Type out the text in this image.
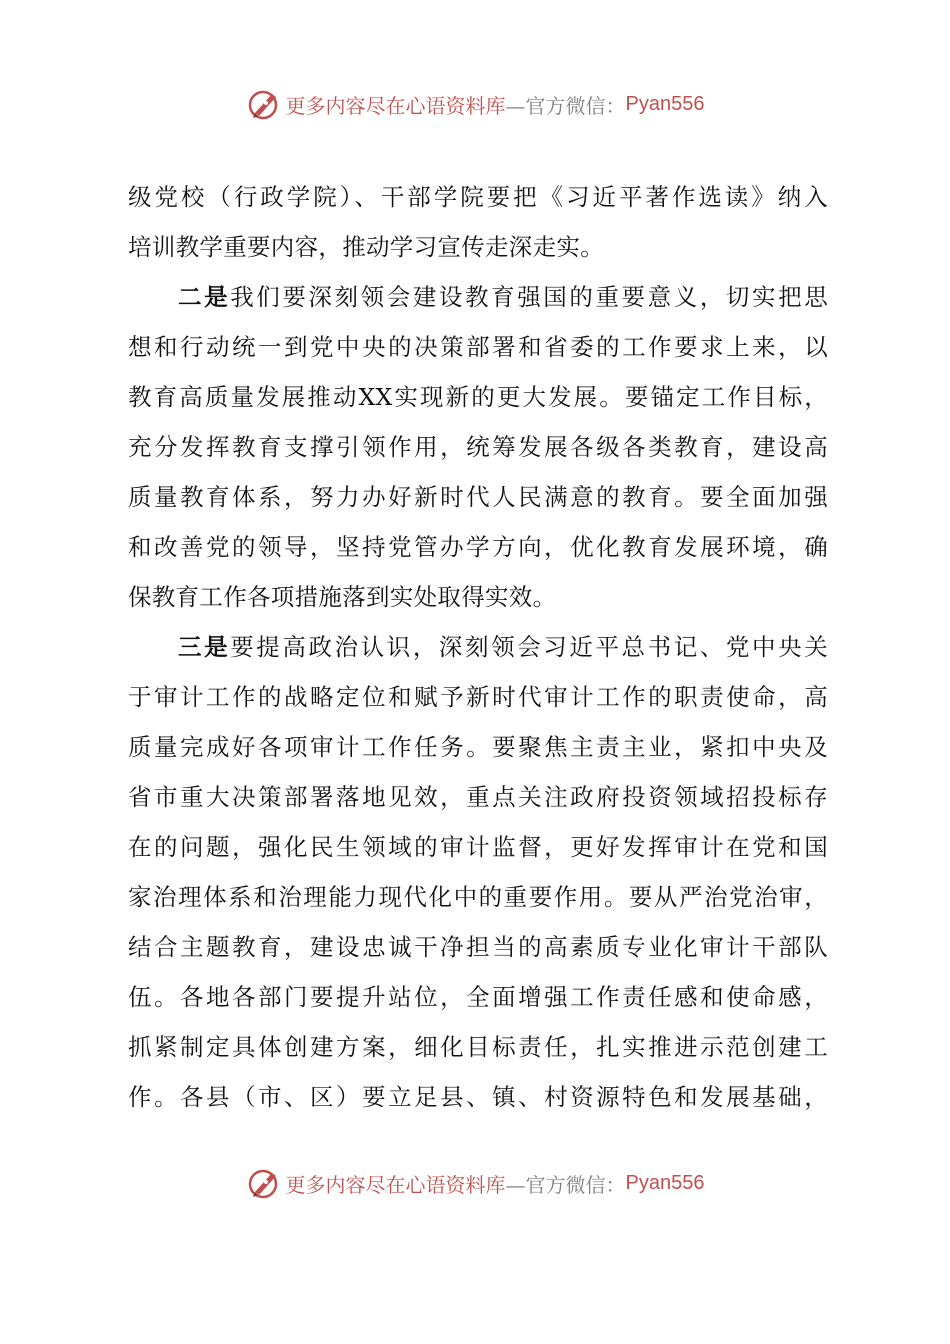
更多内容尽在心语资料库 —官方微信： Pyan556
级党校（行政学院）、干部学院要把《习近平著作选读》纳入
培训教学重要内容，推动学习宣传走深走实。
二是我们要深刻领会建设教育强国的重要意义，切实把思
想和行动统一到党中央的决策部署和省委的工作要求上来，以
教育高质量发展推动XX实现新的更大发展。要锚定工作目标，
充分发挥教育支撑引领作用，统筹发展各级各类教育，建设高
质量教育体系，努力办好新时代人民满意的教育。要全面加强
和改善党的领导，坚持党管办学方向，优化教育发展环境，确
保教育工作各项措施落到实处取得实效。
三是要提高政治认识，深刻领会习近平总书记、党中央关
于审计工作的战略定位和赋予新时代审计工作的职责使命，高
质量完成好各项审计工作任务。要聚焦主责主业，紧扣中央及
省市重大决策部署落地见效，重点关注政府投资领域招投标存
在的问题，强化民生领域的审计监督，更好发挥审计在党和国
家治理体系和治理能力现代化中的重要作用。要从严治党治审，
结合主题教育，建设忠诚干净担当的高素质专业化审计干部队
伍。各地各部门要提升站位，全面增强工作责任感和使命感，
抓紧制定具体创建方案，细化目标责任，扎实推进示范创建工
作。各县（市、区）要立足县、镇、村资源特色和发展基础，
更多内容尽在心语资料库 —官方微信： Pyan556
